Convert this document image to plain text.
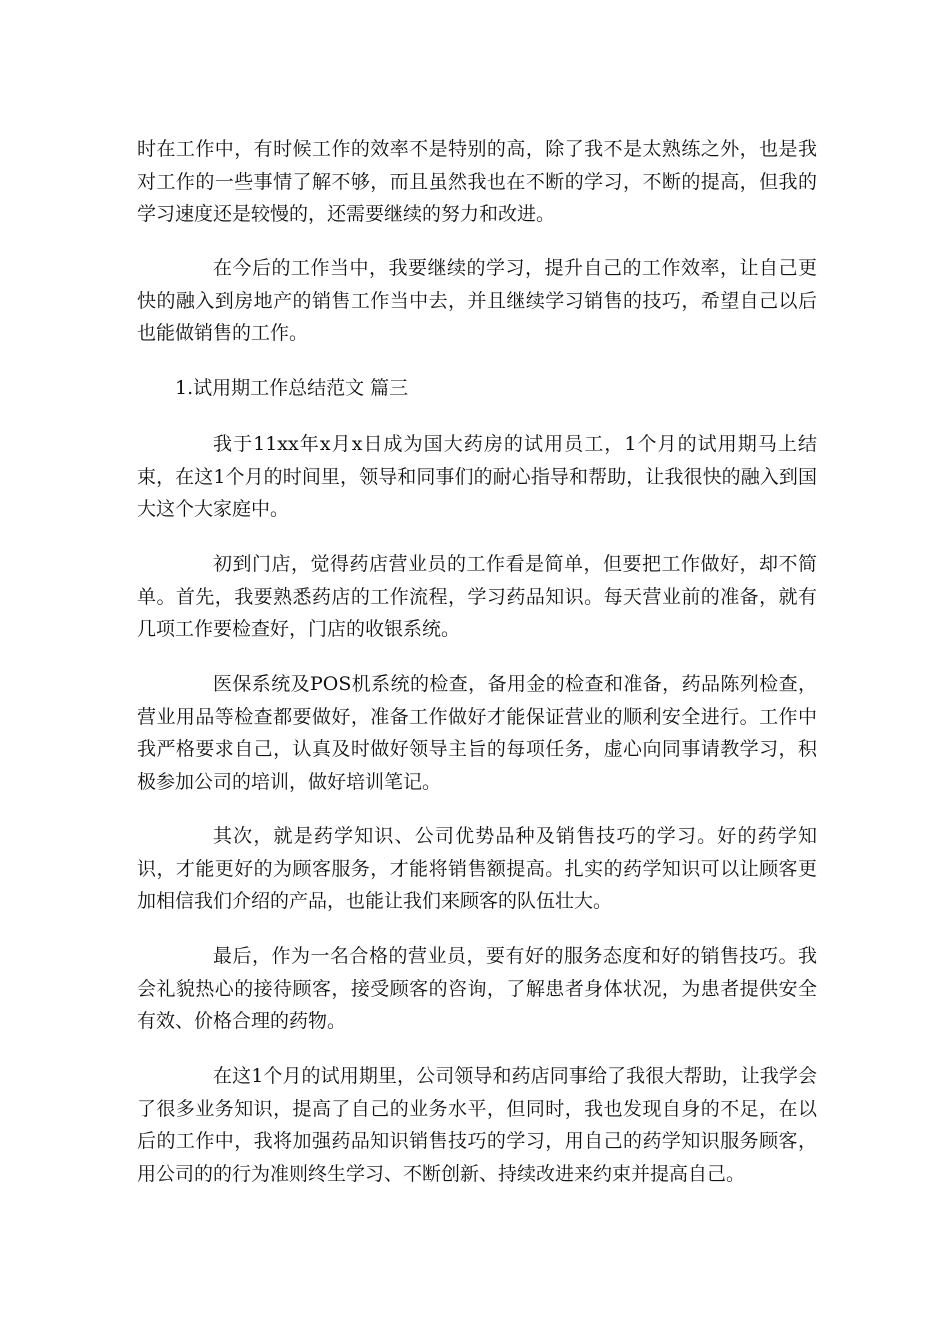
时在工作中，有时候工作的效率不是特别的高，除了我不是太熟练之外，也是我对工作的一些事情了解不够，而且虽然我也在不断的学习，不断的提高，但我的学习速度还是较慢的，还需要继续的努力和改进。

在今后的工作当中，我要继续的学习，提升自己的工作效率，让自己更快的融入到房地产的销售工作当中去，并且继续学习销售的技巧，希望自己以后也能做销售的工作。

1.试用期工作总结范文 篇三

我于11xx年x月x日成为国大药房的试用员工，1个月的试用期马上结束，在这1个月的时间里，领导和同事们的耐心指导和帮助，让我很快的融入到国大这个大家庭中。

初到门店，觉得药店营业员的工作看是简单，但要把工作做好，却不简单。首先，我要熟悉药店的工作流程，学习药品知识。每天营业前的准备，就有几项工作要检查好，门店的收银系统。

医保系统及POS机系统的检查，备用金的检查和准备，药品陈列检查，营业用品等检查都要做好，准备工作做好才能保证营业的顺利安全进行。工作中我严格要求自己，认真及时做好领导主旨的每项任务，虚心向同事请教学习，积极参加公司的培训，做好培训笔记。

其次，就是药学知识、公司优势品种及销售技巧的学习。好的药学知识，才能更好的为顾客服务，才能将销售额提高。扎实的药学知识可以让顾客更加相信我们介绍的产品，也能让我们来顾客的队伍壮大。

最后，作为一名合格的营业员，要有好的服务态度和好的销售技巧。我会礼貌热心的接待顾客，接受顾客的咨询，了解患者身体状况，为患者提供安全有效、价格合理的药物。

在这1个月的试用期里，公司领导和药店同事给了我很大帮助，让我学会了很多业务知识，提高了自己的业务水平，但同时，我也发现自身的不足，在以后的工作中，我将加强药品知识销售技巧的学习，用自己的药学知识服务顾客，用公司的的行为准则终生学习、不断创新、持续改进来约束并提高自己。
